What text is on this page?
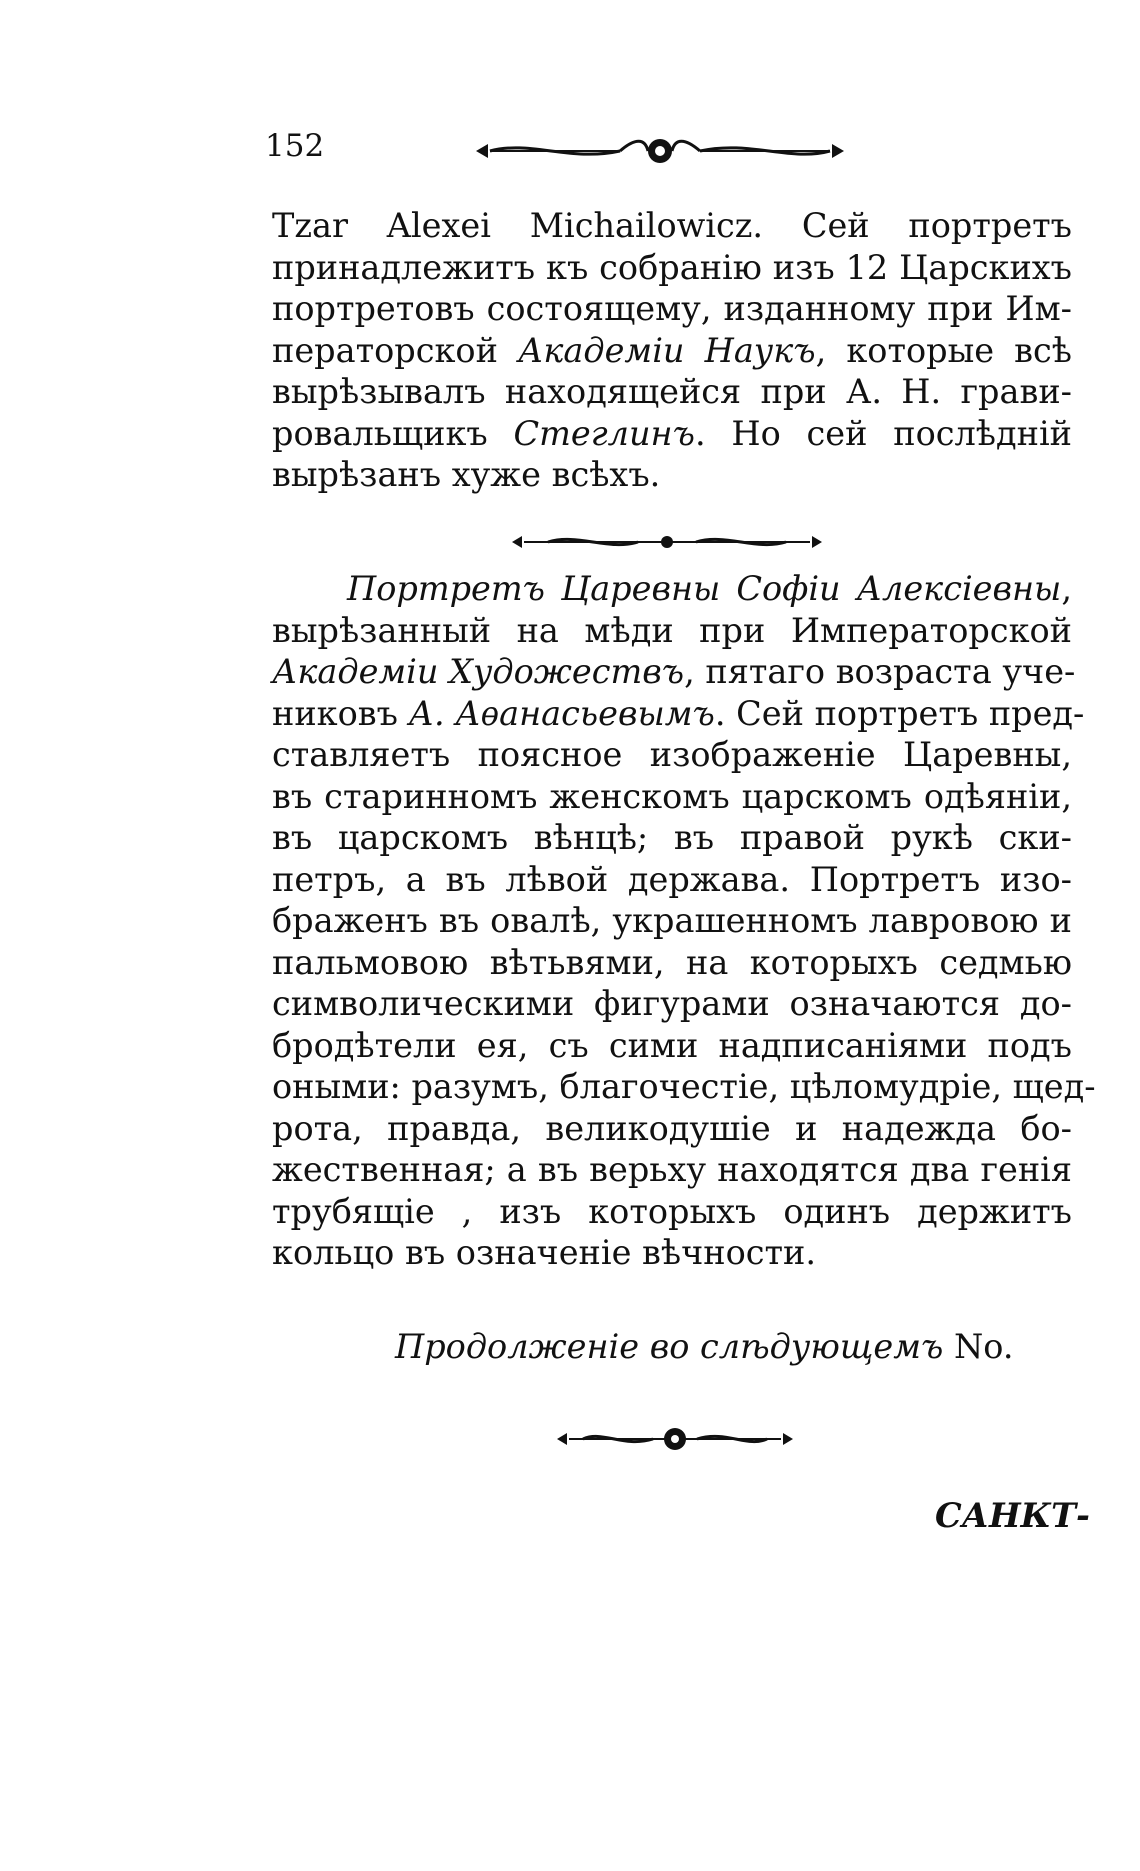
152
Tzar Alexei Michailowicz. Сей портретъ
принадлежитъ къ собранію изъ 12 Царскихъ
портретовъ состоящему, изданному при Им-
ператорской Академіи Наукъ, которые всѣ
вырѣзывалъ находящейся при А. Н. грави-
ровальщикъ Стеглинъ. Но сей послѣдній
вырѣзанъ хуже всѣхъ.
Портретъ Царевны Софіи Алексіевны,
вырѣзанный на мѣди при Императорской
Академіи Художествъ, пятаго возраста уче-
никовъ А. Аѳанасьевымъ. Сей портретъ пред-
ставляетъ поясное изображеніе Царевны,
въ старинномъ женскомъ царскомъ одѣяніи,
въ царскомъ вѣнцѣ; въ правой рукѣ ски-
петръ, а въ лѣвой держава. Портретъ изо-
браженъ въ овалѣ, украшенномъ лавровою и
пальмовою вѣтьвями, на которыхъ седмью
символическими фигурами означаются до-
бродѣтели ея, съ сими надписаніями подъ
оными: разумъ, благочестіе, цѣломудріе, щед-
рота, правда, великодушіе и надежда бо-
жественная; а въ верьху находятся два генія
трубящіе , изъ которыхъ одинъ держитъ
кольцо въ означеніе вѣчности.
Продолженіе во слѣдующемъ No.
САНКТ-
